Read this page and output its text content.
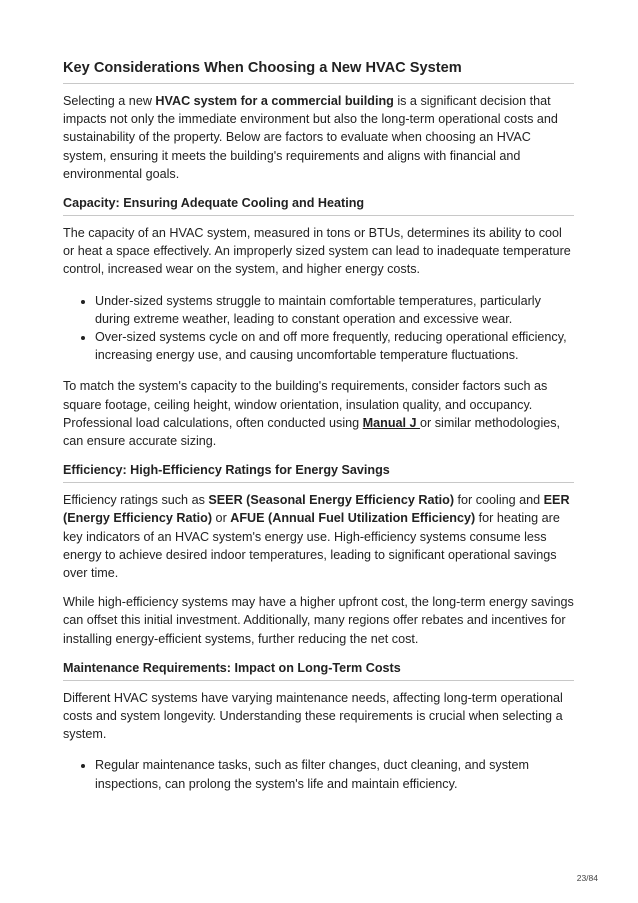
Key Considerations When Choosing a New HVAC System

Selecting a new HVAC system for a commercial building is a significant decision that impacts not only the immediate environment but also the long-term operational costs and sustainability of the property. Below are factors to evaluate when choosing an HVAC system, ensuring it meets the building's requirements and aligns with financial and environmental goals.

Capacity: Ensuring Adequate Cooling and Heating

The capacity of an HVAC system, measured in tons or BTUs, determines its ability to cool or heat a space effectively. An improperly sized system can lead to inadequate temperature control, increased wear on the system, and higher energy costs.

• Under-sized systems struggle to maintain comfortable temperatures, particularly during extreme weather, leading to constant operation and excessive wear.
• Over-sized systems cycle on and off more frequently, reducing operational efficiency, increasing energy use, and causing uncomfortable temperature fluctuations.

To match the system's capacity to the building's requirements, consider factors such as square footage, ceiling height, window orientation, insulation quality, and occupancy. Professional load calculations, often conducted using Manual J or similar methodologies, can ensure accurate sizing.

Efficiency: High-Efficiency Ratings for Energy Savings

Efficiency ratings such as SEER (Seasonal Energy Efficiency Ratio) for cooling and EER (Energy Efficiency Ratio) or AFUE (Annual Fuel Utilization Efficiency) for heating are key indicators of an HVAC system's energy use. High-efficiency systems consume less energy to achieve desired indoor temperatures, leading to significant operational savings over time.

While high-efficiency systems may have a higher upfront cost, the long-term energy savings can offset this initial investment. Additionally, many regions offer rebates and incentives for installing energy-efficient systems, further reducing the net cost.

Maintenance Requirements: Impact on Long-Term Costs

Different HVAC systems have varying maintenance needs, affecting long-term operational costs and system longevity. Understanding these requirements is crucial when selecting a system.

• Regular maintenance tasks, such as filter changes, duct cleaning, and system inspections, can prolong the system's life and maintain efficiency.
23/84
